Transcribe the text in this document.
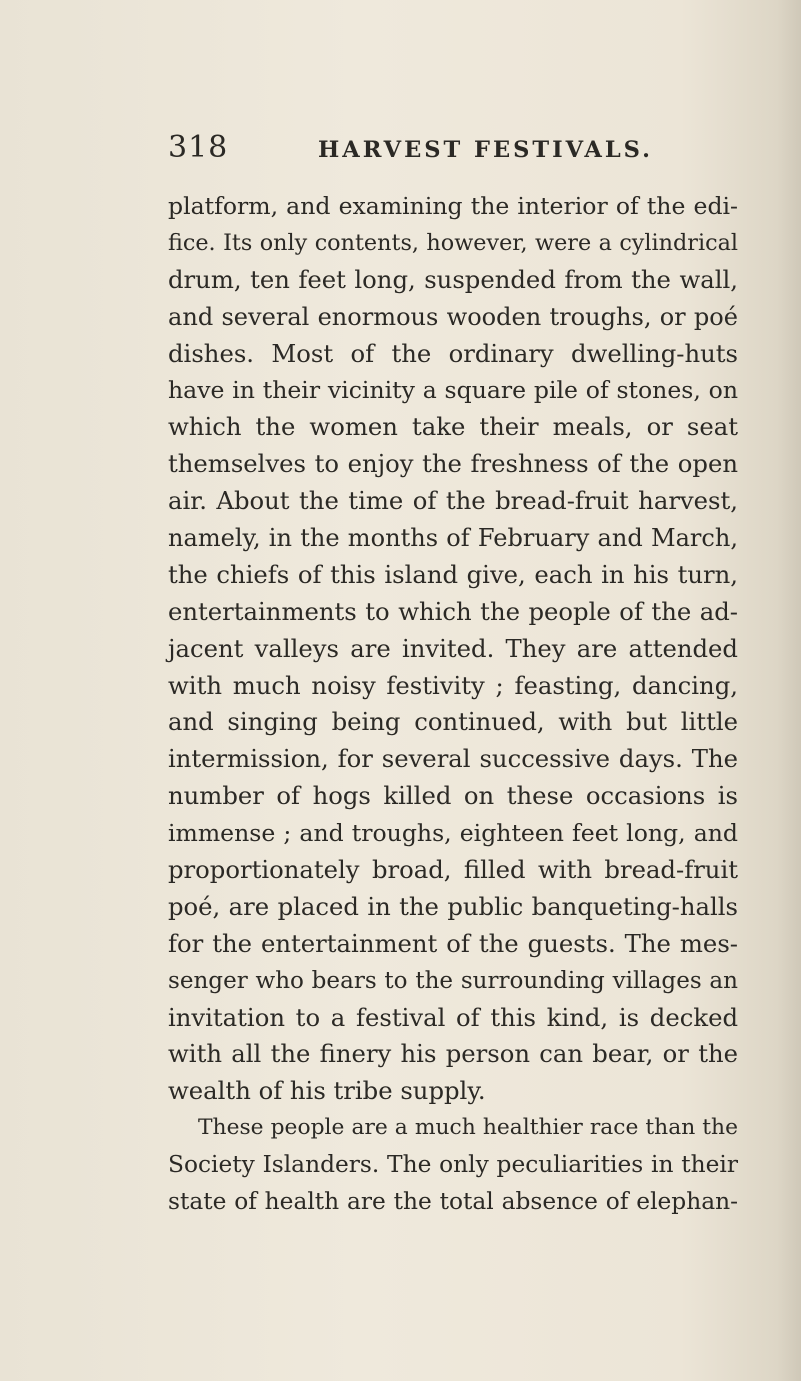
318	HARVEST FESTIVALS.
platform, and examining the interior of the edi-
fice. Its only contents, however, were a cylindrical
drum, ten feet long, suspended from the wall,
and several enormous wooden troughs, or poé
dishes. Most of the ordinary dwelling-huts
have in their vicinity a square pile of stones, on
which the women take their meals, or seat
themselves to enjoy the freshness of the open
air. About the time of the bread-fruit harvest,
namely, in the months of February and March,
the chiefs of this island give, each in his turn,
entertainments to which the people of the ad-
jacent valleys are invited. They are attended
with much noisy festivity ; feasting, dancing,
and singing being continued, with but little
intermission, for several successive days. The
number of hogs killed on these occasions is
immense ; and troughs, eighteen feet long, and
proportionately broad, filled with bread-fruit
poé, are placed in the public banqueting-halls
for the entertainment of the guests. The mes-
senger who bears to the surrounding villages an
invitation to a festival of this kind, is decked
with all the finery his person can bear, or the
wealth of his tribe supply.
These people are a much healthier race than the
Society Islanders. The only peculiarities in their
state of health are the total absence of elephan-
